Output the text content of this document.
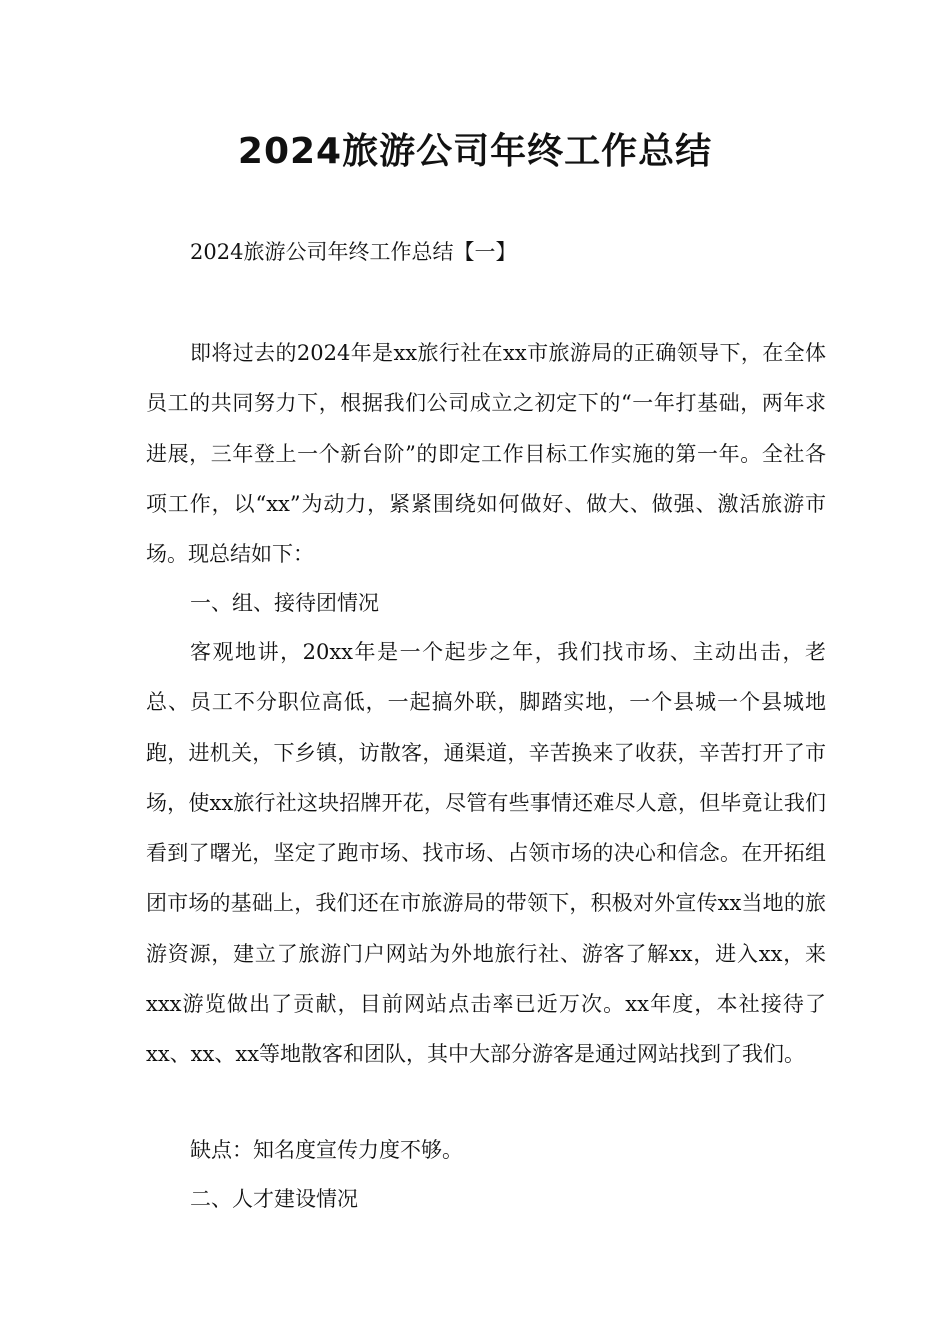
2024旅游公司年终工作总结
2024旅游公司年终工作总结【一】
即将过去的2024年是xx旅行社在xx市旅游局的正确领导下，在全体员工的共同努力下，根据我们公司成立之初定下的“一年打基础，两年求进展，三年登上一个新台阶”的即定工作目标工作实施的第一年。全社各项工作，以“xx”为动力，紧紧围绕如何做好、做大、做强、激活旅游市场。现总结如下：
一、组、接待团情况
客观地讲，20xx年是一个起步之年，我们找市场、主动出击，老总、员工不分职位高低，一起搞外联，脚踏实地，一个县城一个县城地跑，进机关，下乡镇，访散客，通渠道，辛苦换来了收获，辛苦打开了市场，使xx旅行社这块招牌开花，尽管有些事情还难尽人意，但毕竟让我们看到了曙光，坚定了跑市场、找市场、占领市场的决心和信念。在开拓组团市场的基础上，我们还在市旅游局的带领下，积极对外宣传xx当地的旅游资源，建立了旅游门户网站为外地旅行社、游客了解xx，进入xx，来xxx游览做出了贡献，目前网站点击率已近万次。xx年度，本社接待了xx、xx、xx等地散客和团队，其中大部分游客是通过网站找到了我们。
缺点：知名度宣传力度不够。
二、人才建设情况
